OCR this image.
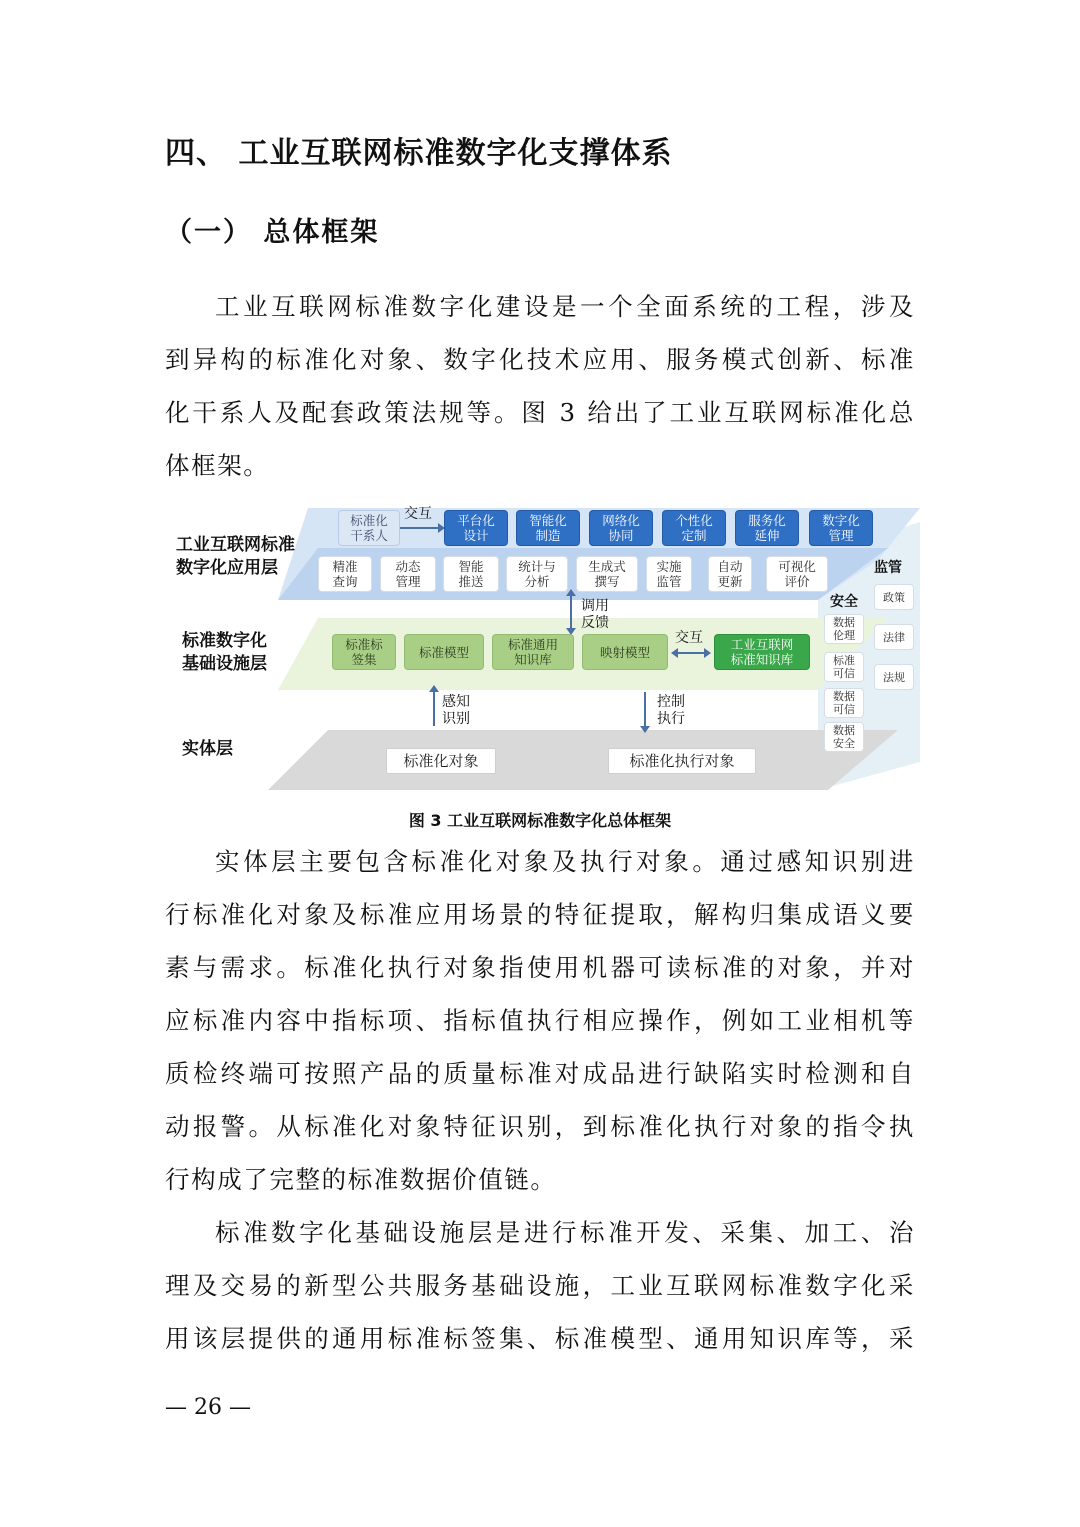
四、 工业互联网标准数字化支撑体系
（一） 总体框架
工业互联网标准数字化建设是一个全面系统的工程，涉及
到异构的标准化对象、数字化技术应用、服务模式创新、标准
化干系人及配套政策法规等。图 3 给出了工业互联网标准化总
体框架。
工业互联网标准
数字化应用层
标准数字化
基础设施层
实体层
标准化
干系人
交互 平台化
设计
智能化
制造
网络化
协同
个性化
定制
服务化
延伸
数字化
管理
精准
查询
动态
管理
智能
推送
统计与
分析
生成式
撰写
实施
监管
自动
更新
可视化
评价
调用
反馈
标准标
签集	标准模型	标准通用
知识库	映射模型
交互 工业互联网
标准知识库
感知
识别
控制
执行
标准化对象	标准化执行对象
监管
安全
数据
伦理
标准
可信
数据
可信
数据
安全
政策
法律
法规
图 3 工业互联网标准数字化总体框架
实体层主要包含标准化对象及执行对象。通过感知识别进
行标准化对象及标准应用场景的特征提取，解构归集成语义要
素与需求。标准化执行对象指使用机器可读标准的对象，并对
应标准内容中指标项、指标值执行相应操作，例如工业相机等
质检终端可按照产品的质量标准对成品进行缺陷实时检测和自
动报警。从标准化对象特征识别，到标准化执行对象的指令执
行构成了完整的标准数据价值链。
标准数字化基础设施层是进行标准开发、采集、加工、治
理及交易的新型公共服务基础设施，工业互联网标准数字化采
用该层提供的通用标准标签集、标准模型、通用知识库等，采
— 26 —
